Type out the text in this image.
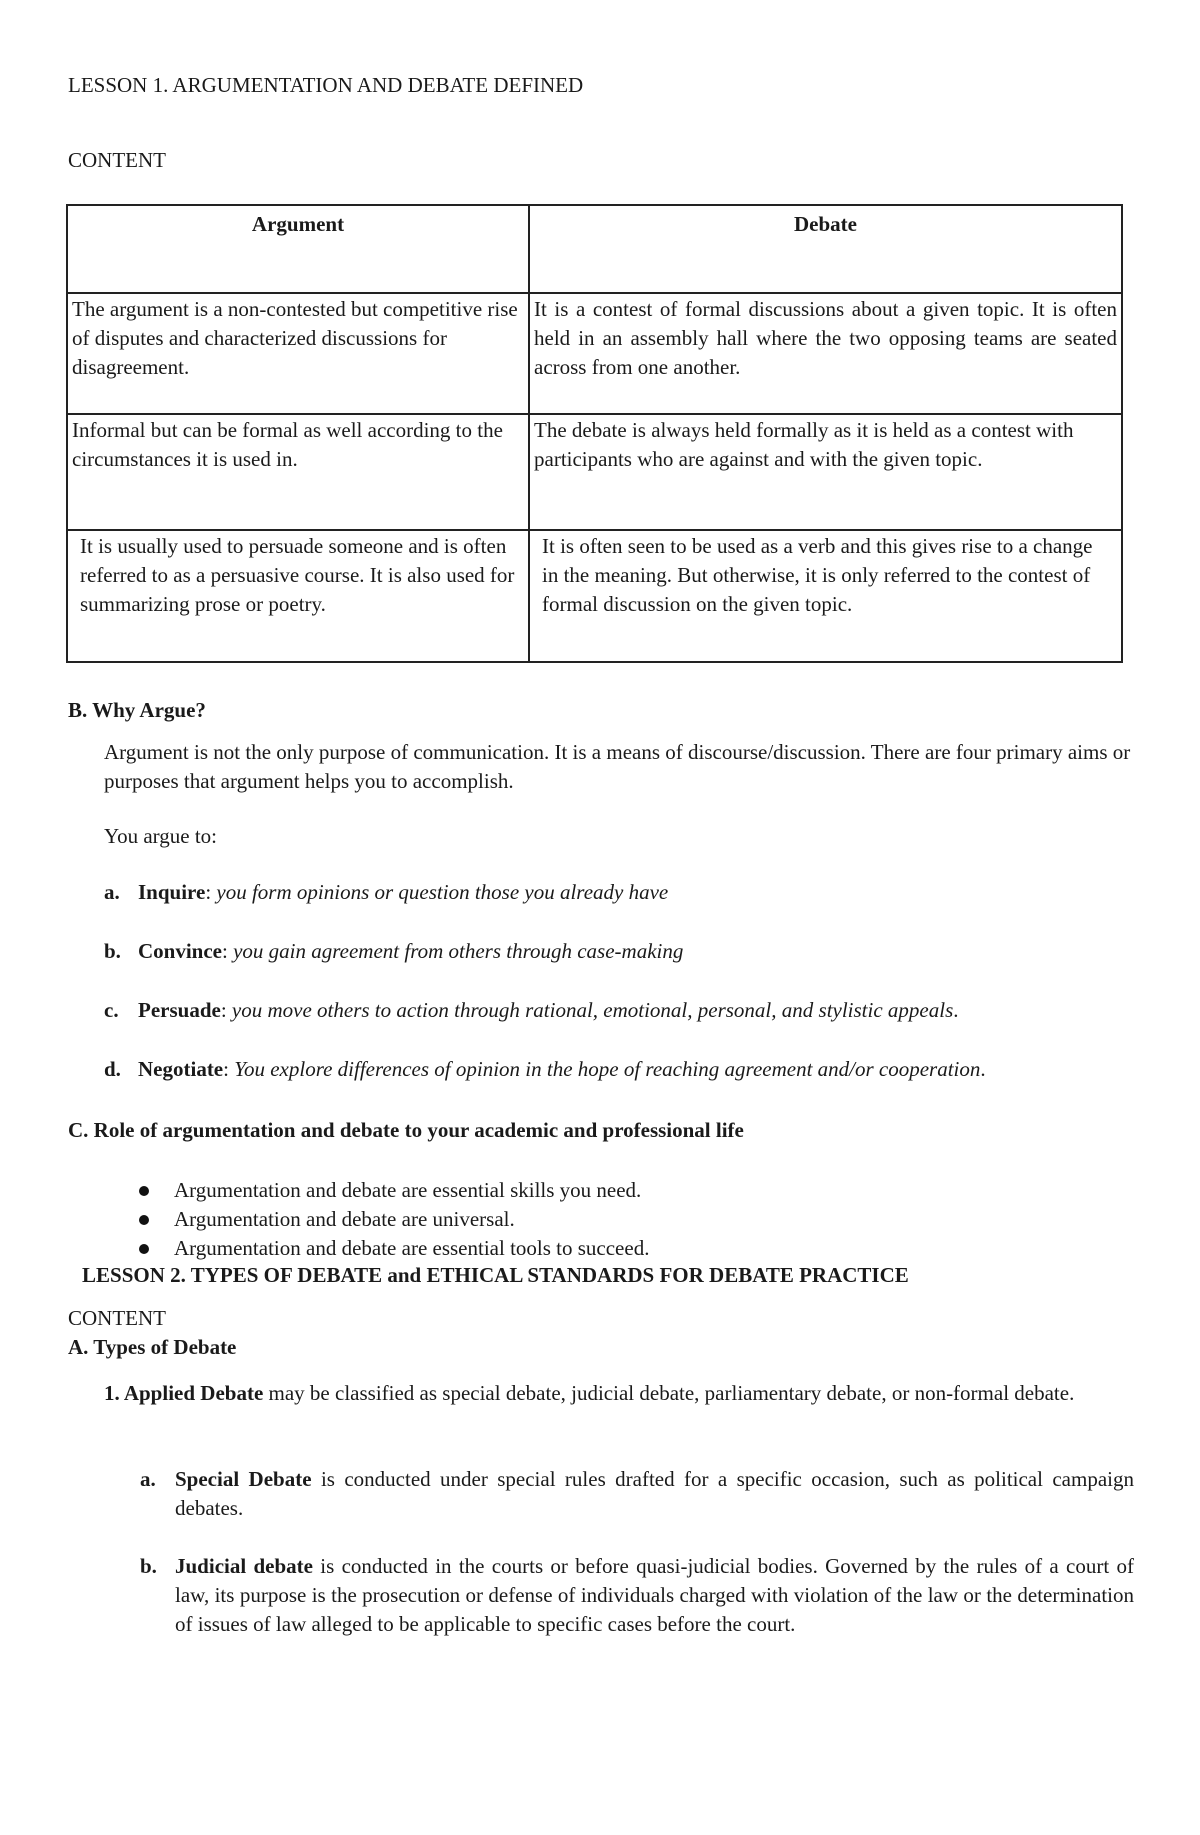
LESSON 1. ARGUMENTATION AND DEBATE DEFINED
CONTENT
Argument	Debate
The argument is a non-contested but competitive rise of disputes and characterized discussions for disagreement.	It is a contest of formal discussions about a given topic. It is often held in an assembly hall where the two opposing teams are seated across from one another.
Informal but can be formal as well according to the circumstances it is used in.	The debate is always held formally as it is held as a contest with participants who are against and with the given topic.
It is usually used to persuade someone and is often referred to as a persuasive course. It is also used for summarizing prose or poetry.	It is often seen to be used as a verb and this gives rise to a change in the meaning. But otherwise, it is only referred to the contest of formal discussion on the given topic.
B. Why Argue?
Argument is not the only purpose of communication. It is a means of discourse/discussion. There are four primary aims or purposes that argument helps you to accomplish.
You argue to:
a. Inquire: you form opinions or question those you already have
b. Convince: you gain agreement from others through case-making
c. Persuade: you move others to action through rational, emotional, personal, and stylistic appeals.
d. Negotiate: You explore differences of opinion in the hope of reaching agreement and/or cooperation.
C. Role of argumentation and debate to your academic and professional life
Argumentation and debate are essential skills you need.
Argumentation and debate are universal.
Argumentation and debate are essential tools to succeed.
LESSON 2. TYPES OF DEBATE and ETHICAL STANDARDS FOR DEBATE PRACTICE
CONTENT
A. Types of Debate
1. Applied Debate may be classified as special debate, judicial debate, parliamentary debate, or non-formal debate.
a. Special Debate is conducted under special rules drafted for a specific occasion, such as political campaign debates.
b. Judicial debate is conducted in the courts or before quasi-judicial bodies. Governed by the rules of a court of law, its purpose is the prosecution or defense of individuals charged with violation of the law or the determination of issues of law alleged to be applicable to specific cases before the court.
